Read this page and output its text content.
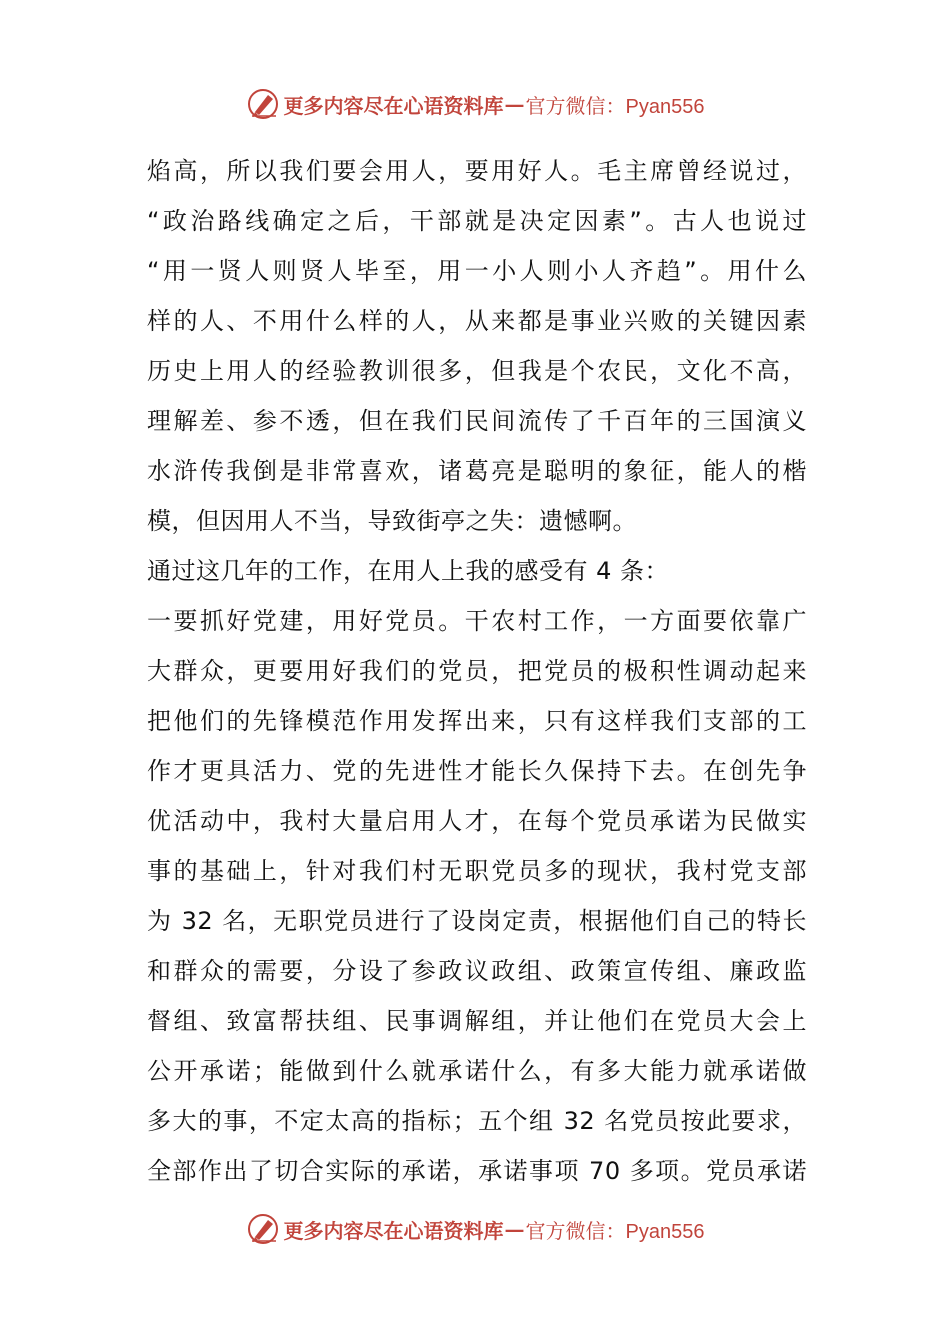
更多内容尽在心语资料库 — 官方微信：Pyan556
焰高，所以我们要会用人，要用好人。毛主席曾经说过，
“政治路线确定之后，干部就是决定因素”。古人也说过
“用一贤人则贤人毕至，用一小人则小人齐趋”。用什么
样的人、不用什么样的人，从来都是事业兴败的关键因素
历史上用人的经验教训很多，但我是个农民，文化不高，
理解差、参不透，但在我们民间流传了千百年的三国演义
水浒传我倒是非常喜欢，诸葛亮是聪明的象征，能人的楷
模，但因用人不当，导致街亭之失：遗憾啊。
通过这几年的工作，在用人上我的感受有 4 条：
一要抓好党建，用好党员。干农村工作，一方面要依靠广
大群众，更要用好我们的党员，把党员的极积性调动起来
把他们的先锋模范作用发挥出来，只有这样我们支部的工
作才更具活力、党的先进性才能长久保持下去。在创先争
优活动中，我村大量启用人才，在每个党员承诺为民做实
事的基础上，针对我们村无职党员多的现状，我村党支部
为 32 名，无职党员进行了设岗定责，根据他们自己的特长
和群众的需要，分设了参政议政组、政策宣传组、廉政监
督组、致富帮扶组、民事调解组，并让他们在党员大会上
公开承诺；能做到什么就承诺什么，有多大能力就承诺做
多大的事，不定太高的指标；五个组 32 名党员按此要求，
全部作出了切合实际的承诺，承诺事项 70 多项。党员承诺
更多内容尽在心语资料库 — 官方微信：Pyan556
